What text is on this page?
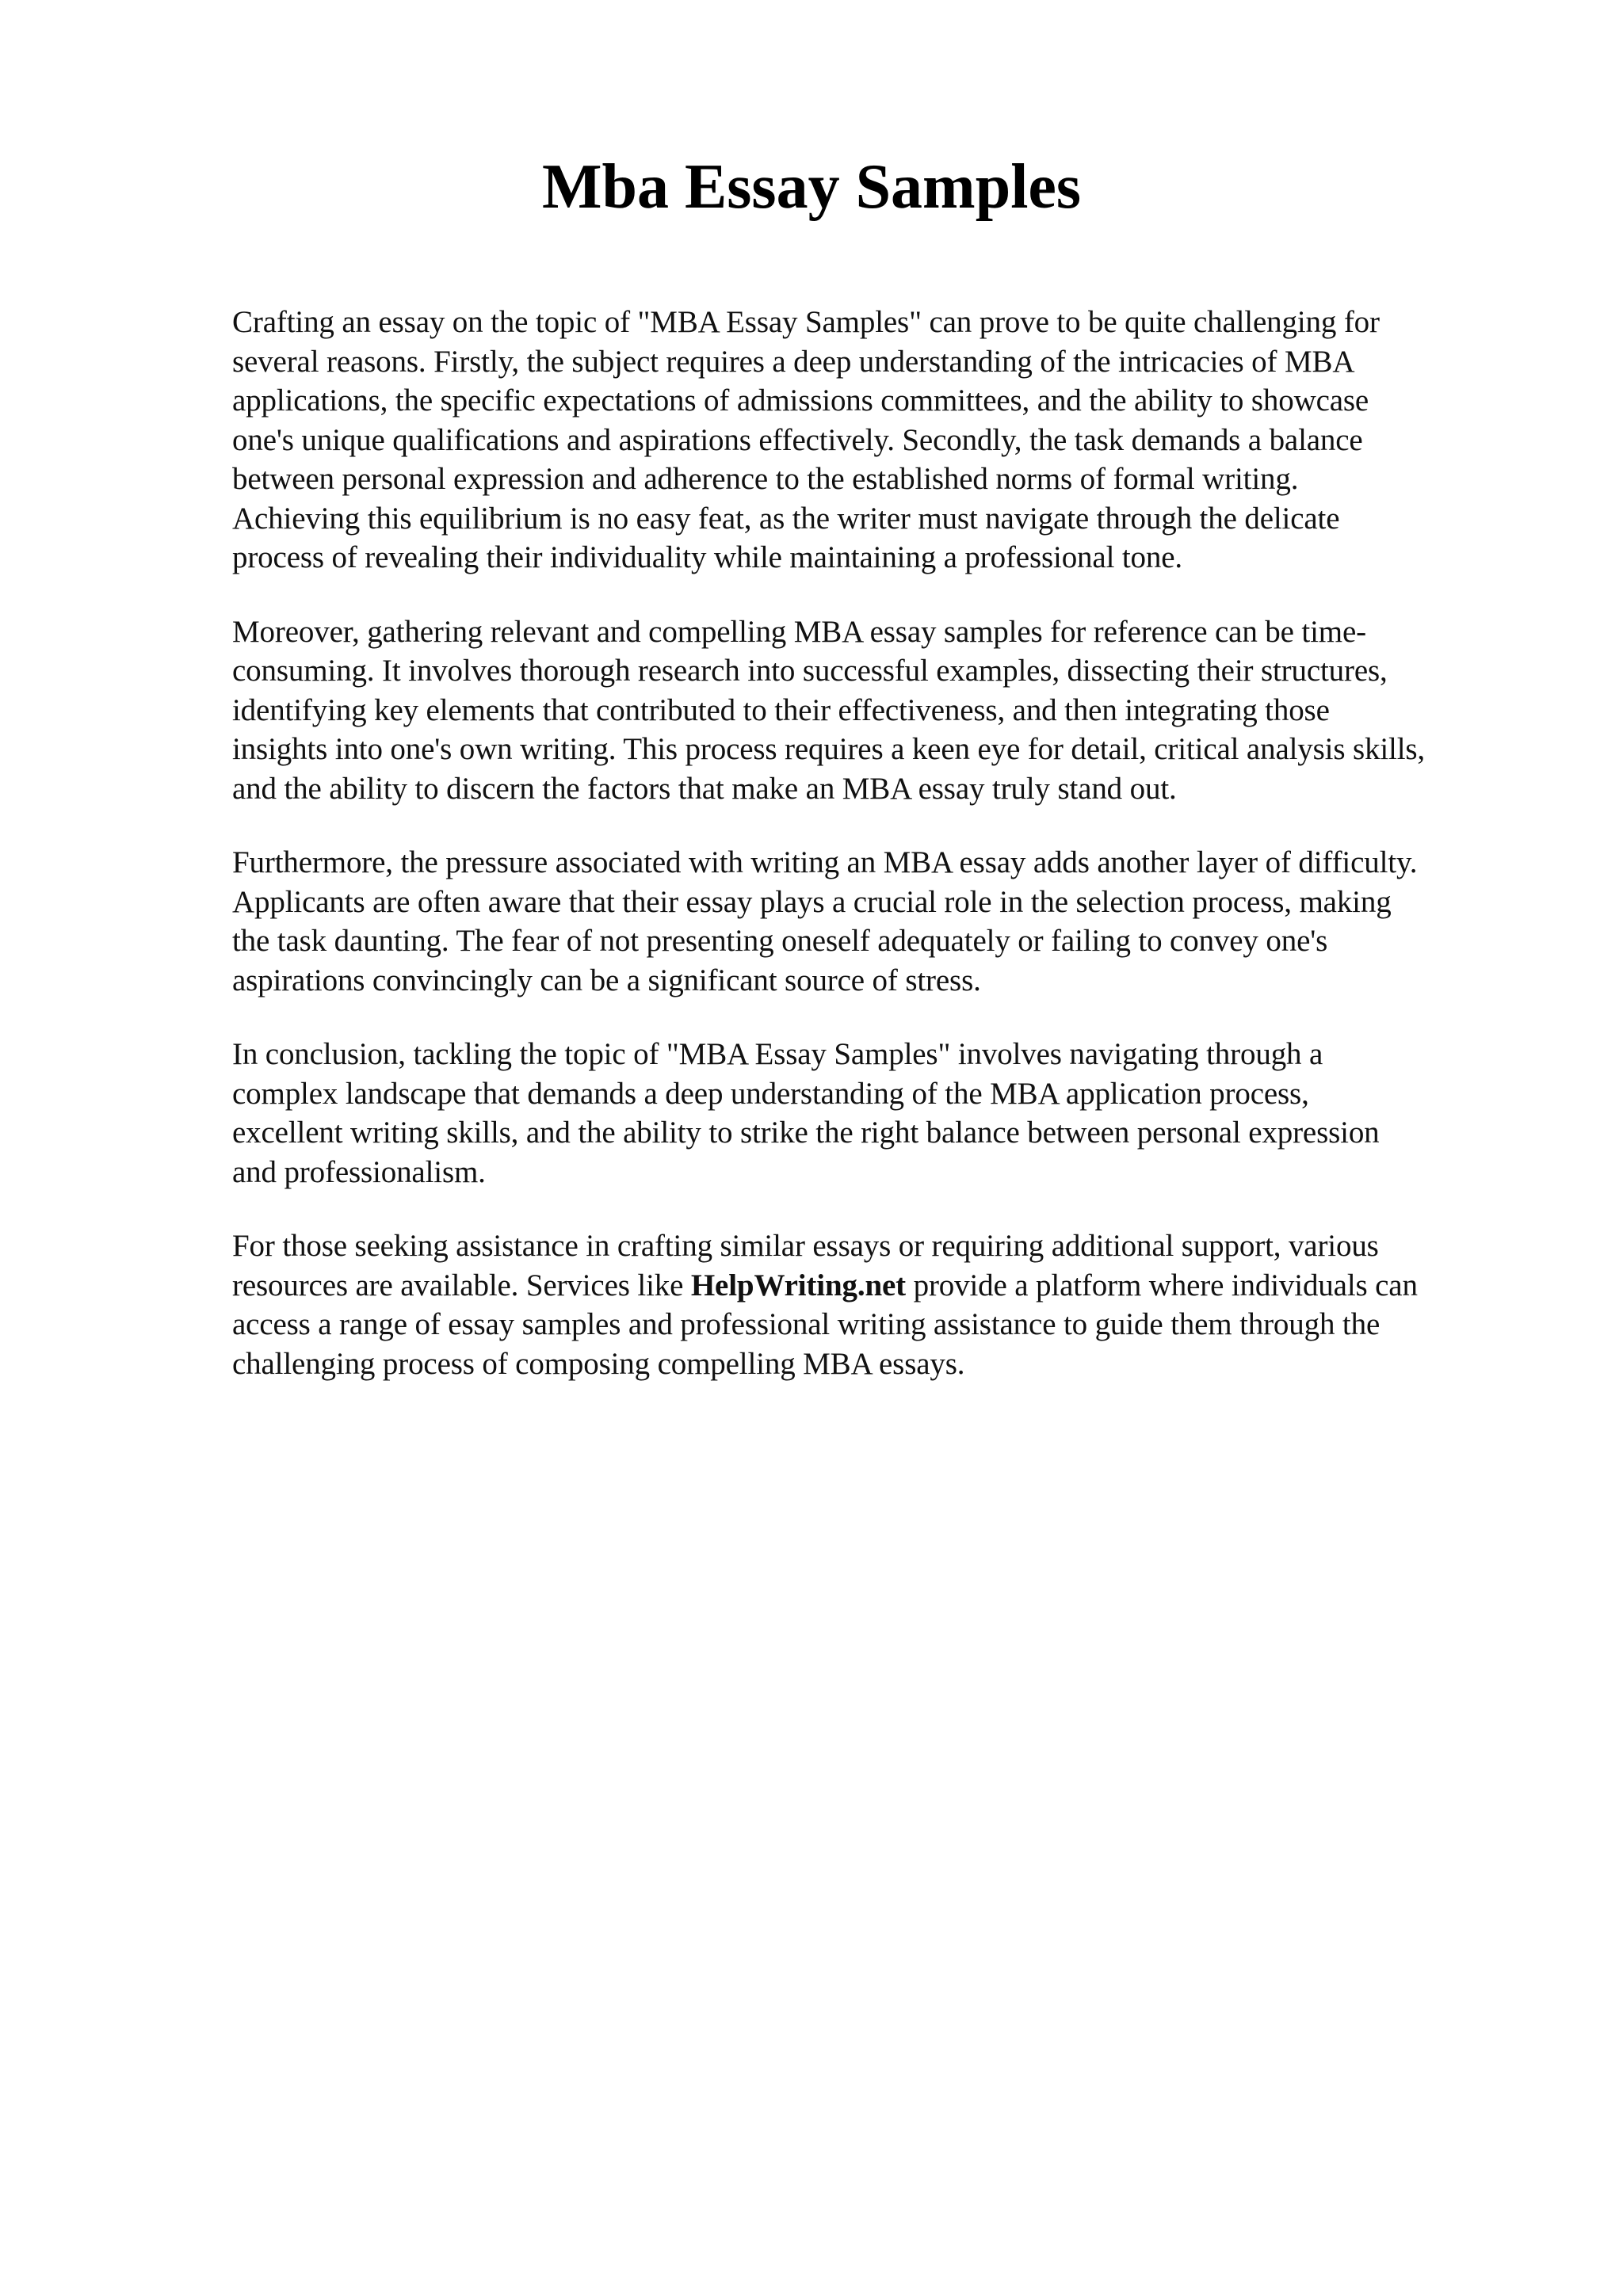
Mba Essay Samples

Crafting an essay on the topic of "MBA Essay Samples" can prove to be quite challenging for
several reasons. Firstly, the subject requires a deep understanding of the intricacies of MBA
applications, the specific expectations of admissions committees, and the ability to showcase
one's unique qualifications and aspirations effectively. Secondly, the task demands a balance
between personal expression and adherence to the established norms of formal writing.
Achieving this equilibrium is no easy feat, as the writer must navigate through the delicate
process of revealing their individuality while maintaining a professional tone.

Moreover, gathering relevant and compelling MBA essay samples for reference can be time-
consuming. It involves thorough research into successful examples, dissecting their structures,
identifying key elements that contributed to their effectiveness, and then integrating those
insights into one's own writing. This process requires a keen eye for detail, critical analysis skills,
and the ability to discern the factors that make an MBA essay truly stand out.

Furthermore, the pressure associated with writing an MBA essay adds another layer of difficulty.
Applicants are often aware that their essay plays a crucial role in the selection process, making
the task daunting. The fear of not presenting oneself adequately or failing to convey one's
aspirations convincingly can be a significant source of stress.

In conclusion, tackling the topic of "MBA Essay Samples" involves navigating through a
complex landscape that demands a deep understanding of the MBA application process,
excellent writing skills, and the ability to strike the right balance between personal expression
and professionalism.

For those seeking assistance in crafting similar essays or requiring additional support, various
resources are available. Services like HelpWriting.net provide a platform where individuals can
access a range of essay samples and professional writing assistance to guide them through the
challenging process of composing compelling MBA essays.
